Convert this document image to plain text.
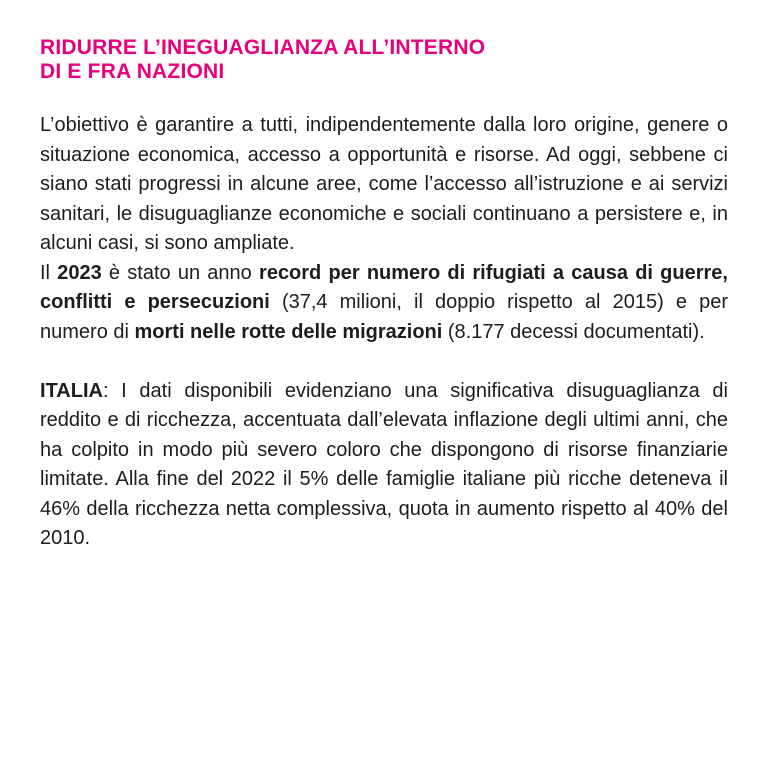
RIDURRE L’INEGUAGLIANZA ALL’INTERNO
DI E FRA NAZIONI

L’obiettivo è garantire a tutti, indipendentemente dalla loro origine, genere o situazione economica, accesso a opportunità e risorse. Ad oggi, sebbene ci siano stati progressi in alcune aree, come l’accesso all’istruzione e ai servizi sanitari, le disuguaglianze economiche e sociali continuano a persistere e, in alcuni casi, si sono ampliate.

Il 2023 è stato un anno record per numero di rifugiati a causa di guerre, conflitti e persecuzioni (37,4 milioni, il doppio rispetto al 2015) e per numero di morti nelle rotte delle migrazioni (8.177 decessi documentati).

ITALIA: I dati disponibili evidenziano una significativa disuguaglianza di reddito e di ricchezza, accentuata dall’elevata inflazione degli ultimi anni, che ha colpito in modo più severo coloro che dispongono di risorse finanziarie limitate. Alla fine del 2022 il 5% delle famiglie italiane più ricche deteneva il 46% della ricchezza netta complessiva, quota in aumento rispetto al 40% del 2010.
